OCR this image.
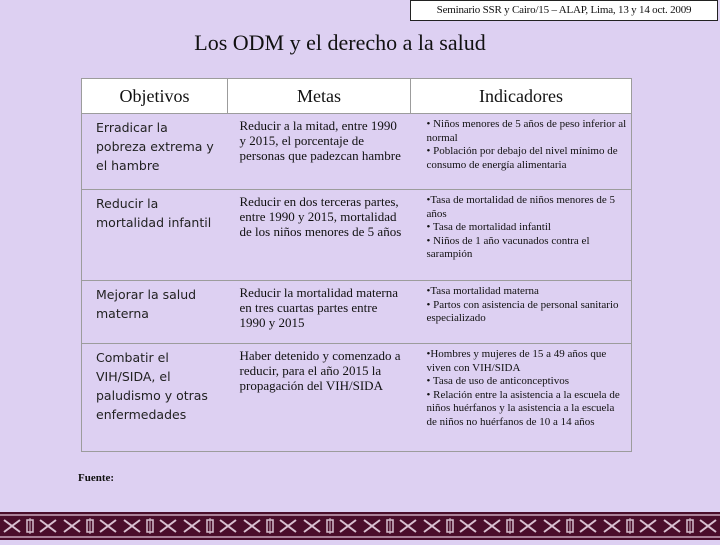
Seminario SSR y Cairo/15 – ALAP, Lima, 13 y 14 oct. 2009
Los ODM y el derecho a la salud
Objetivos	Metas	Indicadores
Erradicar la pobreza extrema y el hambre	Reducir a la mitad, entre 1990 y 2015, el porcentaje de personas que padezcan hambre	• Niños menores de 5 años de peso inferior al normal
• Población por debajo del nivel mínimo de consumo de energía alimentaria

Reducir la mortalidad infantil	Reducir en dos terceras partes, entre 1990 y 2015, mortalidad de los niños menores de 5 años	•Tasa de mortalidad de niños menores de 5 años
• Tasa de mortalidad infantil
• Niños de 1 año vacunados contra el sarampión

Mejorar la salud materna	Reducir la mortalidad materna en tres cuartas partes entre 1990 y 2015	•Tasa mortalidad materna
• Partos con asistencia de personal sanitario especializado

Combatir el VIH/SIDA, el paludismo y otras enfermedades	Haber detenido y comenzado a reducir, para el año 2015 la propagación del VIH/SIDA	•Hombres y mujeres de 15 a 49 años que viven con VIH/SIDA
• Tasa de uso de anticonceptivos
• Relación entre la asistencia a la escuela de niños huérfanos y la asistencia a la escuela de niños no huérfanos de 10 a 14 años
Fuente:
